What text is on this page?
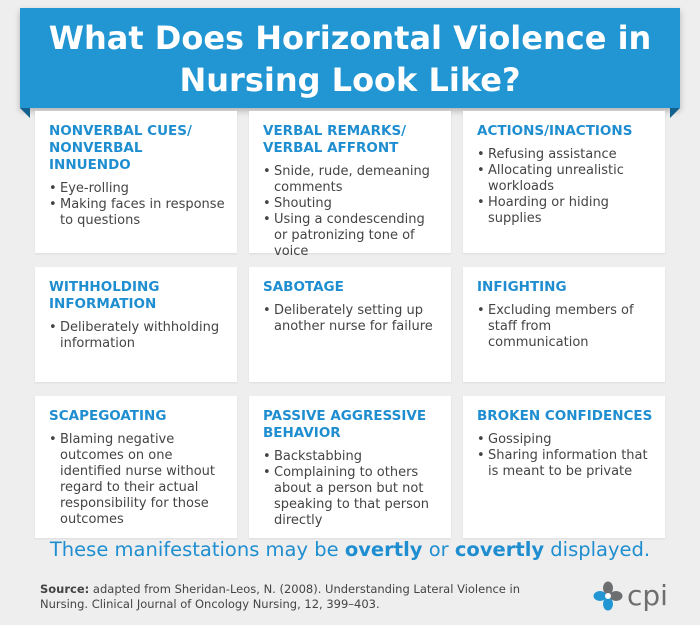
What Does Horizontal Violence in
Nursing Look Like?
NONVERBAL CUES/
NONVERBAL INNUENDO
• Eye-rolling
• Making faces in response to questions
VERBAL REMARKS/
VERBAL AFFRONT
• Snide, rude, demeaning comments
• Shouting
• Using a condescending or patronizing tone of voice
ACTIONS/INACTIONS
• Refusing assistance
• Allocating unrealistic workloads
• Hoarding or hiding supplies
WITHHOLDING
INFORMATION
• Deliberately withholding information
SABOTAGE
• Deliberately setting up another nurse for failure
INFIGHTING
• Excluding members of staff from communication
SCAPEGOATING
• Blaming negative outcomes on one identified nurse without regard to their actual responsibility for those outcomes
PASSIVE AGGRESSIVE
BEHAVIOR
• Backstabbing
• Complaining to others about a person but not speaking to that person directly
BROKEN CONFIDENCES
• Gossiping
• Sharing information that is meant to be private
These manifestations may be overtly or covertly displayed.
Source: adapted from Sheridan-Leos, N. (2008). Understanding Lateral Violence in Nursing. Clinical Journal of Oncology Nursing, 12, 399–403.	cpi
